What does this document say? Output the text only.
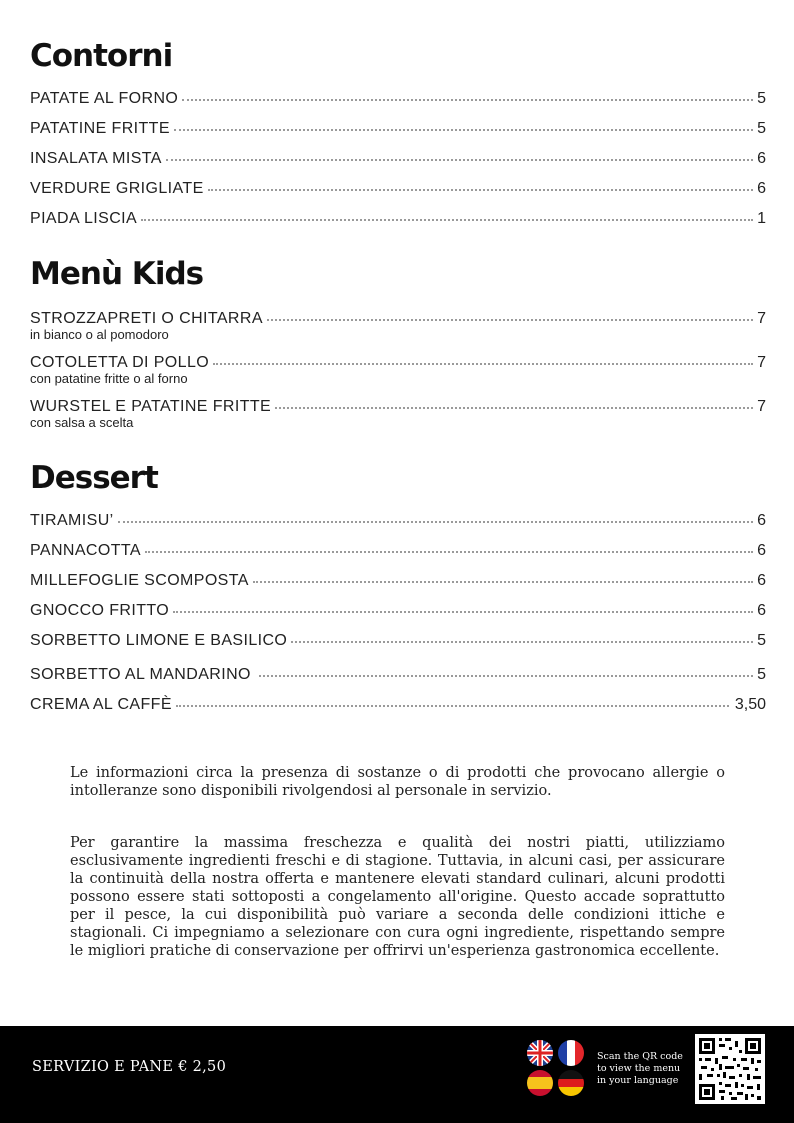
Contorni
PATATE AL FORNO	5
PATATINE FRITTE	5
INSALATA MISTA	6
VERDURE GRIGLIATE	6
PIADA LISCIA	1
Menù Kids
STROZZAPRETI O CHITARRA	7
in bianco o al pomodoro
COTOLETTA DI POLLO	7
con patatine fritte o al forno
WURSTEL E PATATINE FRITTE	7
con salsa a scelta
Dessert
TIRAMISU’	6
PANNACOTTA	6
MILLEFOGLIE SCOMPOSTA	6
GNOCCO FRITTO	6
SORBETTO LIMONE E BASILICO	5
SORBETTO AL MANDARINO	5
CREMA AL CAFFÈ	3,50

Le informazioni circa la presenza di sostanze o di prodotti che provocano allergie o intolleranze sono disponibili rivolgendosi al personale in servizio.

Per garantire la massima freschezza e qualità dei nostri piatti, utilizziamo esclusivamente ingredienti freschi e di stagione. Tuttavia, in alcuni casi, per assicurare la continuità della nostra offerta e mantenere elevati standard culinari, alcuni prodotti possono essere stati sottoposti a congelamento all'origine. Questo accade soprattutto per il pesce, la cui disponibilità può variare a seconda delle condizioni ittiche e stagionali. Ci impegniamo a selezionare con cura ogni ingrediente, rispettando sempre le migliori pratiche di conservazione per offrirvi un'esperienza gastronomica eccellente.

SERVIZIO E PANE € 2,50
Scan the QR code
to view the menu
in your language
